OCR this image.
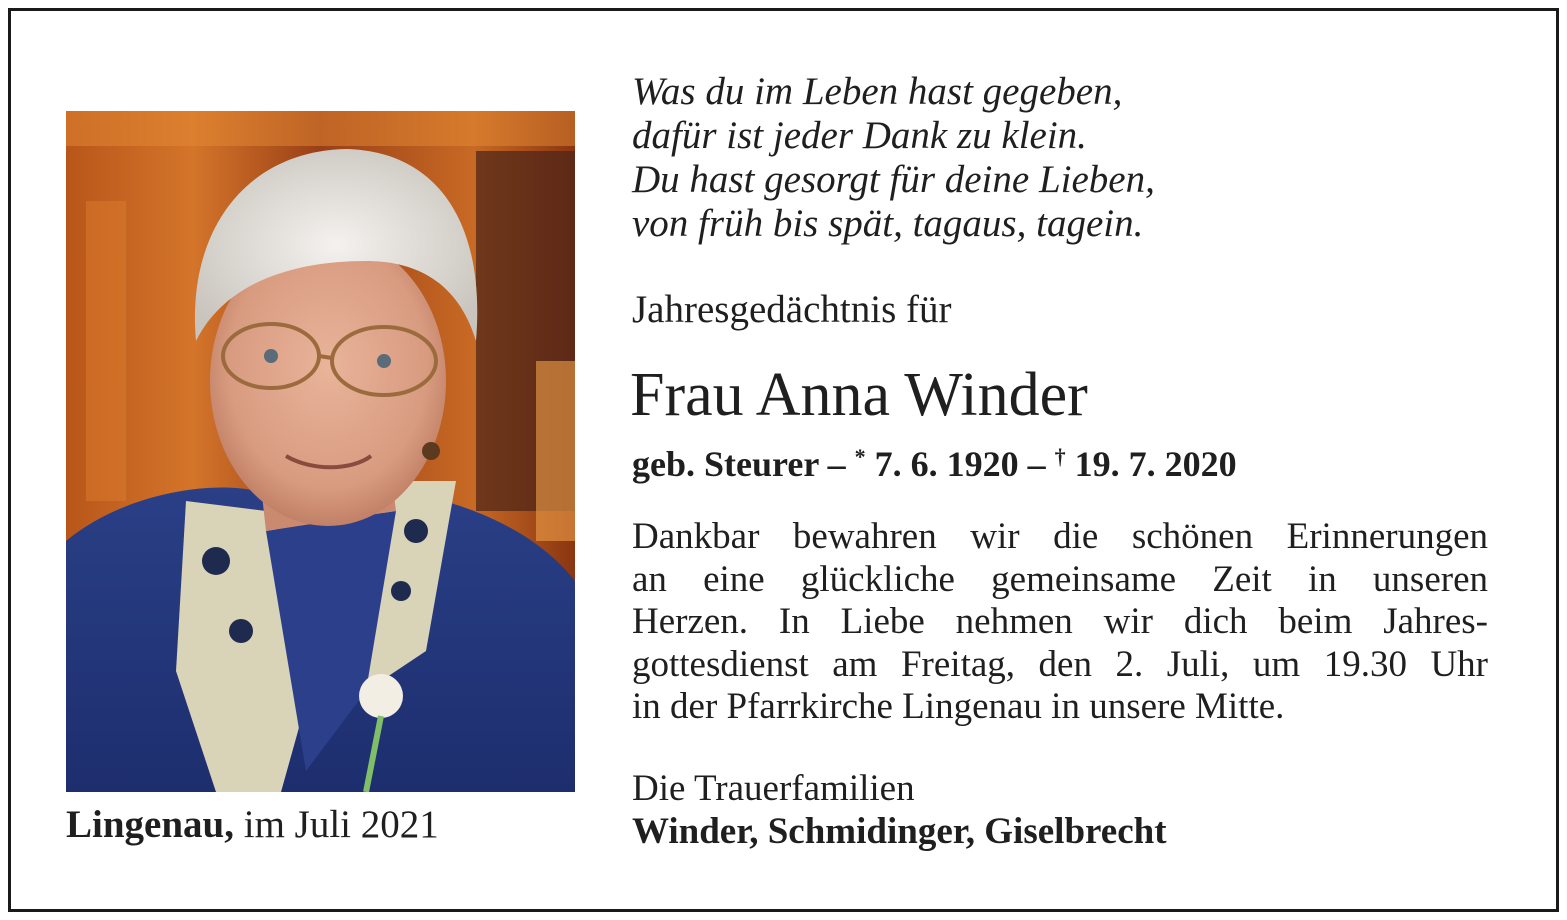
Lingenau, im Juli 2021
Was du im Leben hast gegeben,
dafür ist jeder Dank zu klein.
Du hast gesorgt für deine Lieben,
von früh bis spät, tagaus, tagein.
Jahresgedächtnis für
Frau Anna Winder
geb. Steurer – * 7. 6. 1920 – † 19. 7. 2020
Dankbar bewahren wir die schönen Erinnerungen
an eine glückliche gemeinsame Zeit in unseren
Herzen. In Liebe nehmen wir dich beim Jahres-
gottesdienst am Freitag, den 2. Juli, um 19.30 Uhr
in der Pfarrkirche Lingenau in unsere Mitte.
Die Trauerfamilien
Winder, Schmidinger, Giselbrecht
